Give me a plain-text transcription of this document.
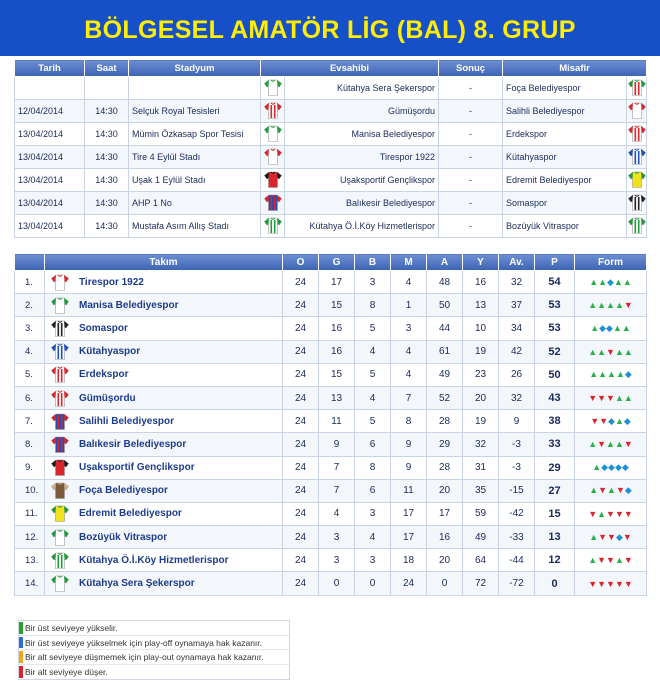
BÖLGESEL AMATÖR LİG (BAL) 8. GRUP
Tarih	Saat	Stadyum	Evsahibi		Sonuç	Misafir	
				Kütahya Sera Şekerspor	-	Foça Belediyespor	
12/04/2014	14:30	Selçuk Royal Tesisleri		Gümüşordu	-	Salihli Belediyespor	
13/04/2014	14:30	Mümin Özkasap Spor Tesisi		Manisa Belediyespor	-	Erdekspor	
13/04/2014	14:30	Tire 4 Eylül Stadı		Tirespor 1922	-	Kütahyaspor	
13/04/2014	14:30	Uşak 1 Eylül Stadı		Uşaksportif Gençlikspor	-	Edremit Belediyespor	
13/04/2014	14:30	AHP 1 No		Balıkesir Belediyespor	-	Somaspor	
13/04/2014	14:30	Mustafa Asım Allış Stadı		Kütahya Ö.İ.Köy Hizmetlerispor	-	Bozüyük Vitraspor	
	Takım	O	G	B	M	A	Y	Av.	P	Form

1.	Tirespor 1922	24	17	3	4	48	16	32	54	▲▲◆▲▲

2.	Manisa Belediyespor	24	15	8	1	50	13	37	53	▲▲▲▲▼
3.	Somaspor	24	16	5	3	44	10	34	53	▲◆◆▲▲
4.	Kütahyaspor	24	16	4	4	61	19	42	52	▲▲▼▲▲
5.	Erdekspor	24	15	5	4	49	23	26	50	▲▲▲▲◆
6.	Gümüşordu	24	13	4	7	52	20	32	43	▼▼▼▲▲
7.	Salihli Belediyespor	24	11	5	8	28	19	9	38	▼▼◆▲◆
8.	Balıkesir Belediyespor	24	9	6	9	29	32	-3	33	▲▼▲▲▼

9.	Uşaksportif Gençlikspor	24	7	8	9	28	31	-3	29	▲◆◆◆◆
10.	Foça Belediyespor	24	7	6	11	20	35	-15	27	▲▼▲▼◆
11.	Edremit Belediyespor	24	4	3	17	17	59	-42	15	▼▲▼▼▼
12.	Bozüyük Vitraspor	24	3	4	17	16	49	-33	13	▲▼▼◆▼

13.	Kütahya Ö.İ.Köy Hizmetlerispor	24	3	3	18	20	64	-44	12	▲▼▼▲▼

14.	Kütahya Sera Şekerspor	24	0	0	24	0	72	-72	0	▼▼▼▼▼
Bir üst seviyeye yükselir.
Bir üst seviyeye yükselmek için play-off oynamaya hak kazanır.
Bir alt seviyeye düşmemek için play-out oynamaya hak kazanır.
Bir alt seviyeye düşer.
